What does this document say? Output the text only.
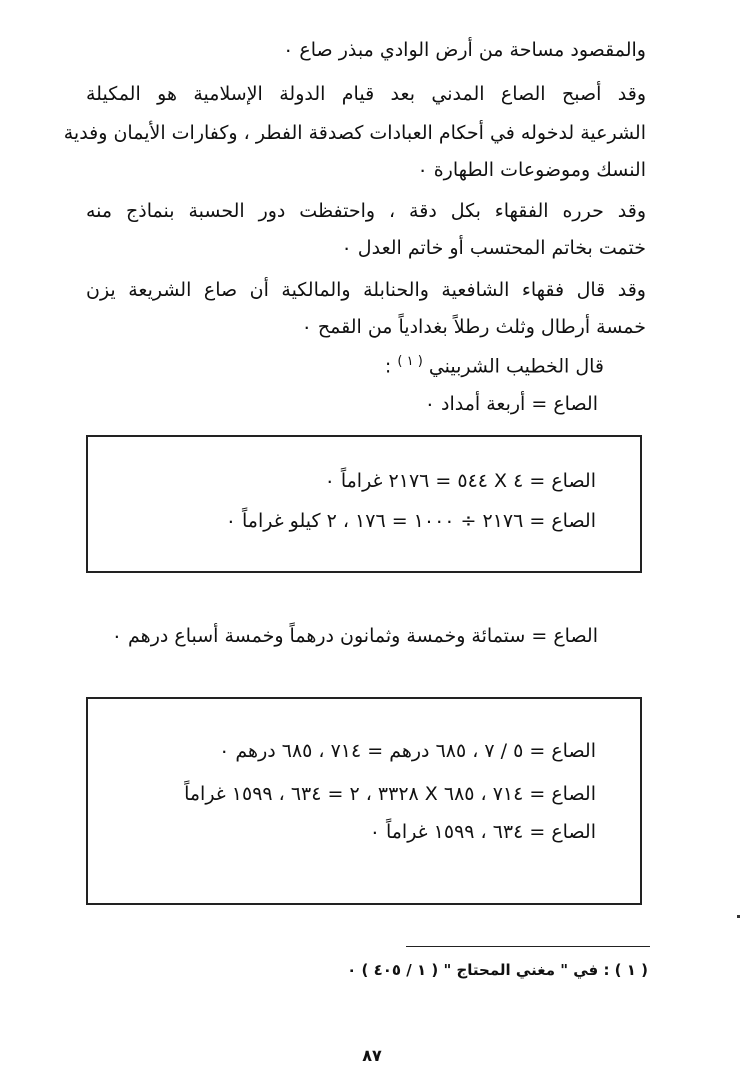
والمقصود مساحة من أرض الوادي مبذر صاع ٠
وقد أصبح الصاع المدني بعد قيام الدولة الإسلامية هو المكيلة
الشرعية لدخوله في أحكام العبادات كصدقة الفطر ، وكفارات الأيمان وفدية
النسك وموضوعات الطهارة ٠
وقد حرره الفقهاء بكل دقة ، واحتفظت دور الحسبة بنماذج منه
ختمت بخاتم المحتسب أو خاتم العدل ٠
وقد قال فقهاء الشافعية والحنابلة والمالكية أن صاع الشريعة يزن
خمسة أرطال وثلث رطلاً بغدادياً من القمح ٠
قال الخطيب الشربيني $^{( ١ )}$ :
الصاع = أربعة أمداد ٠
الصاع = ٤ X ٥٤٤ = ٢١٧٦ غراماً ٠
الصاع = ٢١٧٦ ÷ ١٠٠٠ = ١٧٦ ، ٢ كيلو غراماً ٠
الصاع = ستمائة وخمسة وثمانون درهماً وخمسة أسباع درهم ٠
الصاع = ٥ / ٧ ، ٦٨٥ درهم = ٧١٤ ، ٦٨٥ درهم ٠
الصاع = ٧١٤ ، ٦٨٥ X ٣٣٢٨ ، ٢ = ٦٣٤ ، ١٥٩٩ غراماً
الصاع = ٦٣٤ ، ١٥٩٩ غراماً ٠
( ١ ) : في " مغني المحتاج " ( ١ / ٤٠٥ ) ٠
٨٧
